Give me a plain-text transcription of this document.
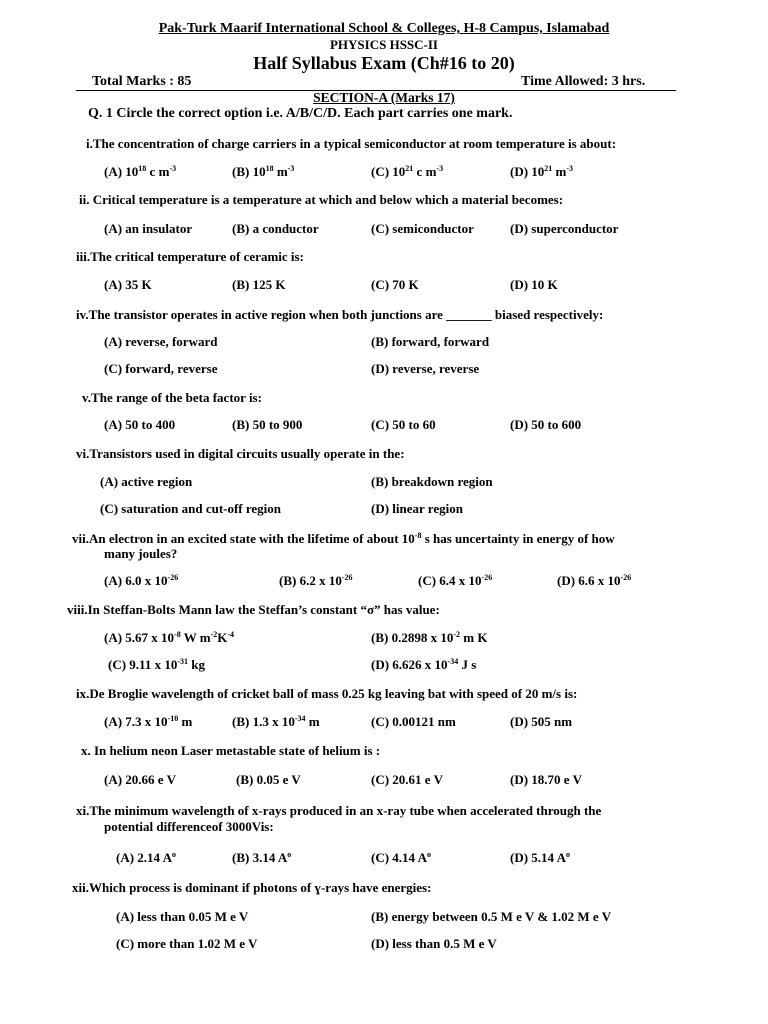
Pak-Turk Maarif International School & Colleges, H-8 Campus, Islamabad
PHYSICS HSSC-II
Half Syllabus Exam (Ch#16 to 20)
Total Marks : 85	Time Allowed: 3 hrs.
SECTION-A (Marks 17)
Q. 1 Circle the correct option i.e. A/B/C/D. Each part carries one mark.
i.The concentration of charge carriers in a typical semiconductor at room temperature is about:
(A) $10^{18}$ c $m^{-3}$	(B) $10^{18}$ $m^{-3}$	(C) $10^{21}$ c $m^{-3}$	(D) $10^{21}$ $m^{-3}$
ii. Critical temperature is a temperature at which and below which a material becomes:
(A) an insulator	(B) a conductor	(C) semiconductor	(D) superconductor
iii.The critical temperature of ceramic is:
(A) 35 K	(B) 125 K	(C) 70 K	(D) 10 K
iv.The transistor operates in active region when both junctions are _______ biased respectively:
(A) reverse, forward	(B) forward, forward
(C) forward, reverse	(D) reverse, reverse
v.The range of the beta factor is:
(A) 50 to 400	(B) 50 to 900	(C) 50 to 60	(D) 50 to 600
vi.Transistors used in digital circuits usually operate in the:
(A) active region	(B) breakdown region
(C) saturation and cut-off region	(D) linear region
vii.An electron in an excited state with the lifetime of about $10^{-8}$ s has uncertainty in energy of how
many joules?
(A) 6.0 x $10^{-26}$	(B) 6.2 x $10^{-26}$	(C) 6.4 x $10^{-26}$	(D) 6.6 x $10^{-26}$
viii.In Steffan-Bolts Mann law the Steffan’s constant “σ” has value:
(A) 5.67 x $10^{-8}$ W $m^{-2}K^{-4}$	(B) 0.2898 x $10^{-2}$ m K
(C) 9.11 x $10^{-31}$ kg	(D) 6.626 x $10^{-34}$ J s
ix.De Broglie wavelength of cricket ball of mass 0.25 kg leaving bat with speed of 20 m/s is:
(A) 7.3 x $10^{-10}$ m	(B) 1.3 x $10^{-34}$ m	(C) 0.00121 nm	(D) 505 nm
x. In helium neon Laser metastable state of helium is :
(A) 20.66 e V	(B) 0.05 e V	(C) 20.61 e V	(D) 18.70 e V
xi.The minimum wavelength of x-rays produced in an x-ray tube when accelerated through the
potential differenceof 3000Vis:
(A) 2.14 $A^o$	(B) 3.14 $A^o$	(C) 4.14 $A^o$	(D) 5.14 $A^o$
xii.Which process is dominant if photons of ɣ-rays have energies:
(A) less than 0.05 M e V	(B) energy between 0.5 M e V & 1.02 M e V
(C) more than 1.02 M e V	(D) less than 0.5 M e V
